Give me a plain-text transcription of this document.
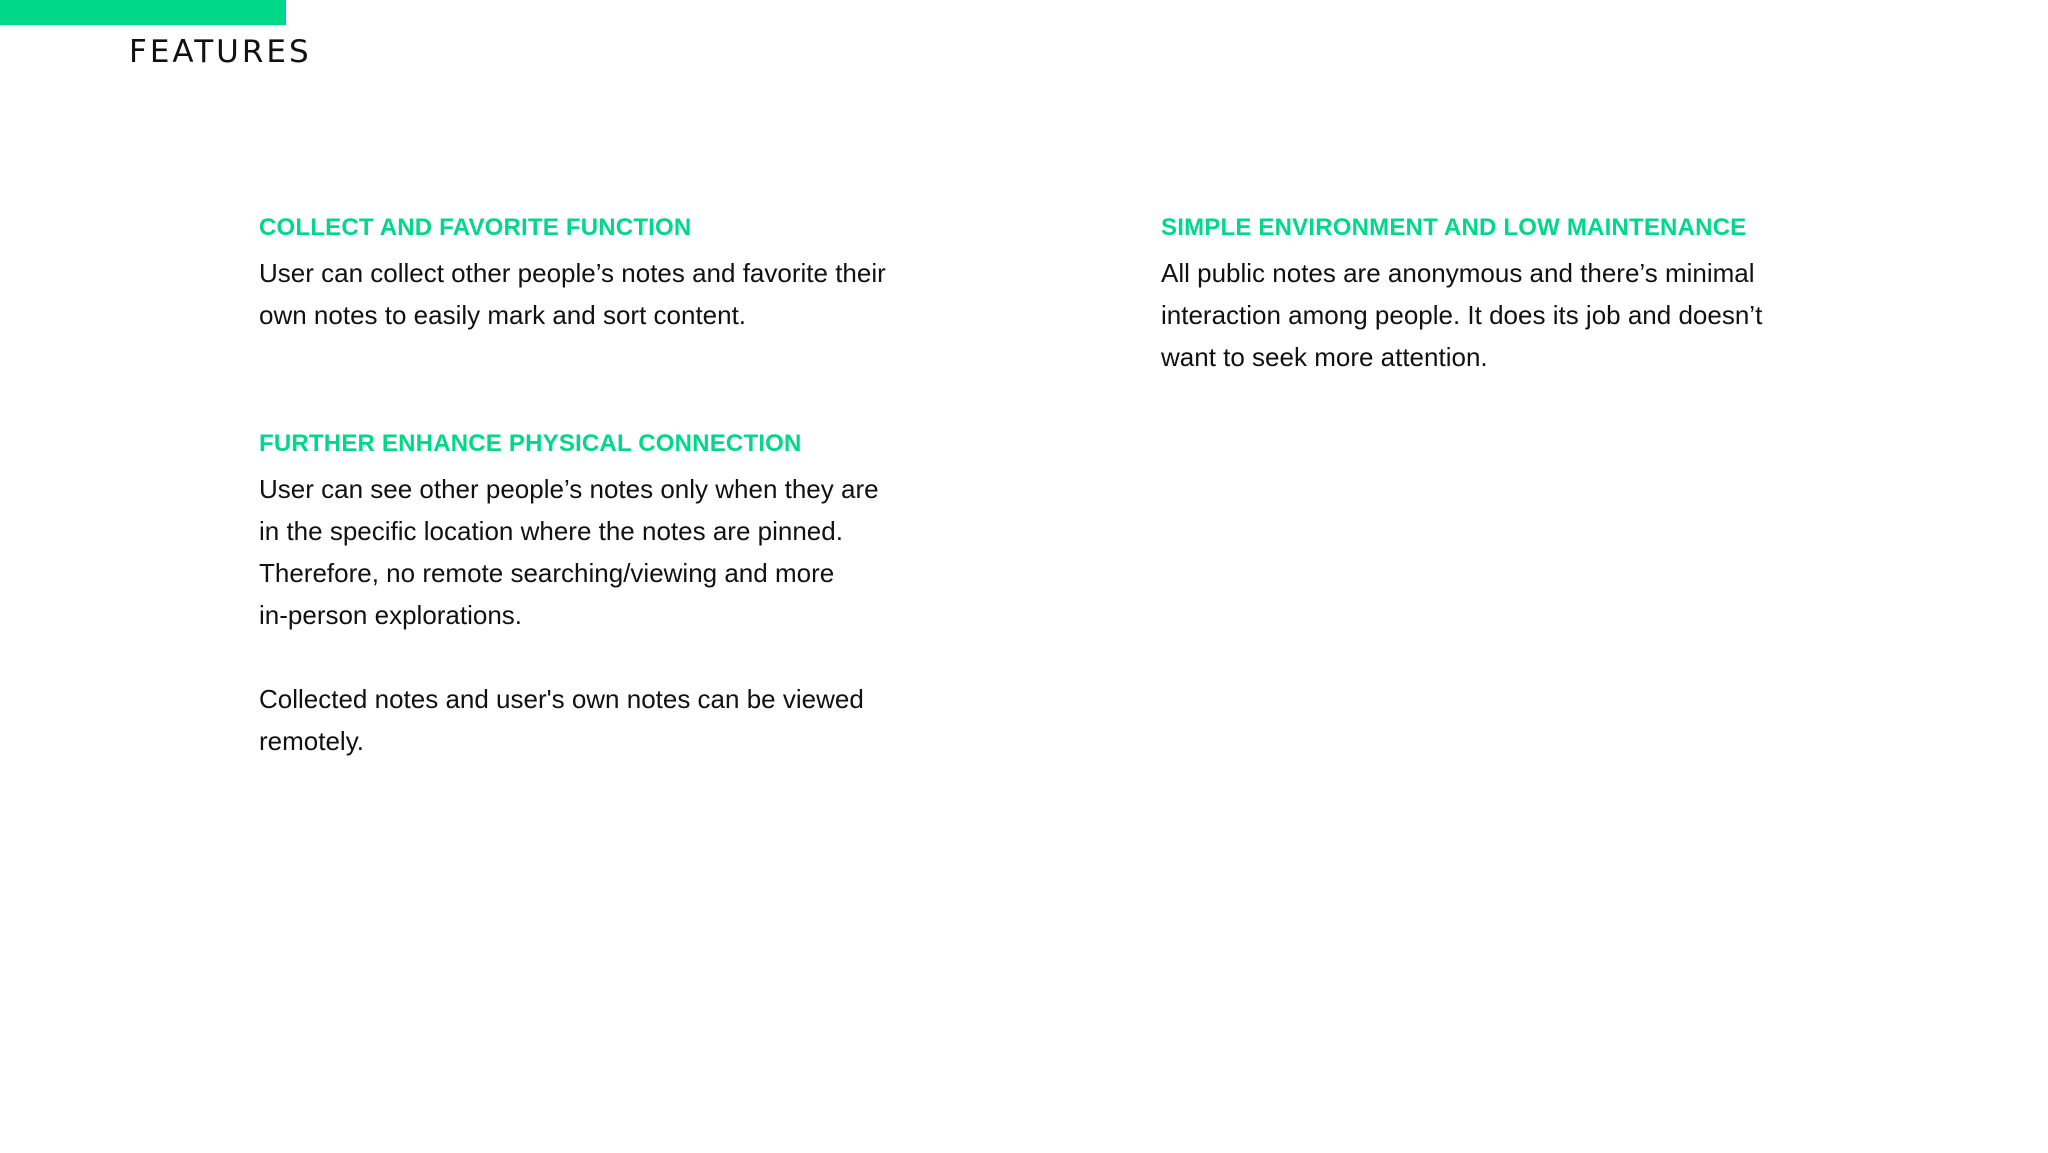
FEATURES
COLLECT AND FAVORITE FUNCTION

User can collect other people’s notes and favorite their
own notes to easily mark and sort content.

SIMPLE ENVIRONMENT AND LOW MAINTENANCE

All public notes are anonymous and there’s minimal
interaction among people. It does its job and doesn’t
want to seek more attention.

FURTHER ENHANCE PHYSICAL CONNECTION

User can see other people’s notes only when they are
in the specific location where the notes are pinned.
Therefore, no remote searching/viewing and more
in-person explorations.

Collected notes and user's own notes can be viewed
remotely.
